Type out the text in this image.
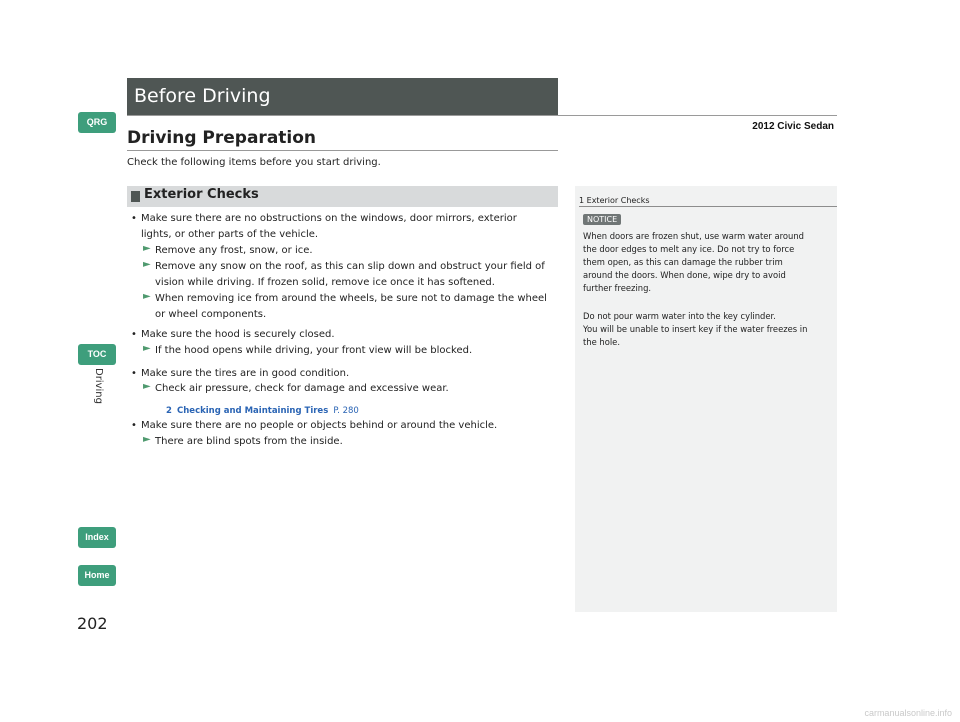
Before Driving
2012 Civic Sedan
QRG
TOC
Driving
Index
Home
202
Driving Preparation
Check the following items before you start driving.
Exterior Checks
• Make sure there are no obstructions on the windows, door mirrors, exterior
lights, or other parts of the vehicle.
► Remove any frost, snow, or ice.
► Remove any snow on the roof, as this can slip down and obstruct your field of
vision while driving. If frozen solid, remove ice once it has softened.
► When removing ice from around the wheels, be sure not to damage the wheel
or wheel components.
• Make sure the hood is securely closed.
► If the hood opens while driving, your front view will be blocked.
• Make sure the tires are in good condition.
► Check air pressure, check for damage and excessive wear.
2 Checking and Maintaining Tires P. 280
• Make sure there are no people or objects behind or around the vehicle.
► There are blind spots from the inside.
1 Exterior Checks
NOTICE
When doors are frozen shut, use warm water around
the door edges to melt any ice. Do not try to force
them open, as this can damage the rubber trim
around the doors. When done, wipe dry to avoid
further freezing.
Do not pour warm water into the key cylinder.
You will be unable to insert key if the water freezes in
the hole.
carmanualsonline.info
